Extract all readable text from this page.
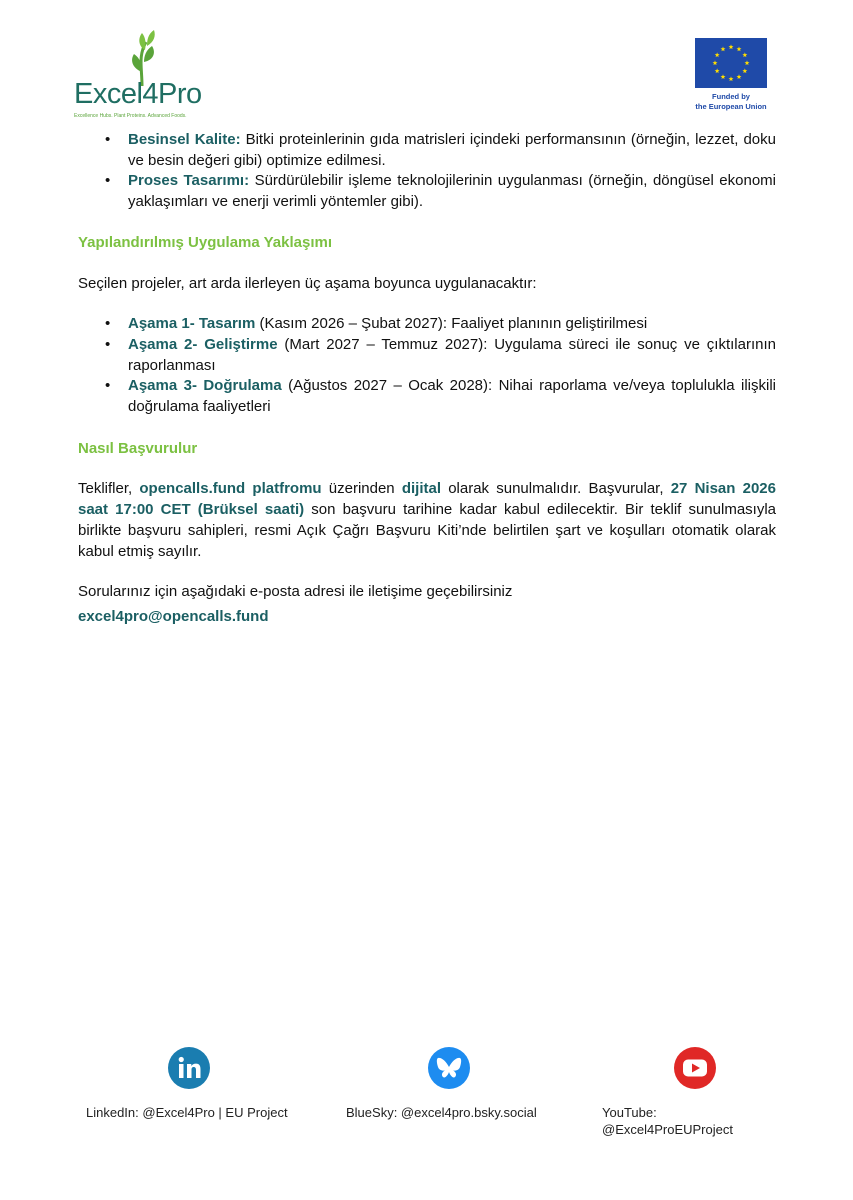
Excel4Pro
Excellence Hubs. Plant Proteins. Advanced Foods.
Funded by
the European Union
• Besinsel Kalite: Bitki proteinlerinin gıda matrisleri içindeki performansının (örneğin, lezzet, doku ve besin değeri gibi) optimize edilmesi.
• Proses Tasarımı: Sürdürülebilir işleme teknolojilerinin uygulanması (örneğin, döngüsel ekonomi yaklaşımları ve enerji verimli yöntemler gibi).
Yapılandırılmış Uygulama Yaklaşımı

Seçilen projeler, art arda ilerleyen üç aşama boyunca uygulanacaktır:

• Aşama 1- Tasarım (Kasım 2026 – Şubat 2027): Faaliyet planının geliştirilmesi
• Aşama 2- Geliştirme (Mart 2027 – Temmuz 2027): Uygulama süreci ile sonuç ve çıktılarının raporlanması
• Aşama 3- Doğrulama (Ağustos 2027 – Ocak 2028): Nihai raporlama ve/veya toplulukla ilişkili doğrulama faaliyetleri
Nasıl Başvurulur

Teklifler, opencalls.fund platfromu üzerinden dijital olarak sunulmalıdır. Başvurular, 27 Nisan 2026 saat 17:00 CET (Brüksel saati) son başvuru tarihine kadar kabul edilecektir. Bir teklif sunulmasıyla birlikte başvuru sahipleri, resmi Açık Çağrı Başvuru Kiti’nde belirtilen şart ve koşulları otomatik olarak kabul etmiş sayılır.

Sorularınız için aşağıdaki e-posta adresi ile iletişime geçebilirsiniz

excel4pro@opencalls.fund

LinkedIn: @Excel4Pro | EU Project	BlueSky: @excel4pro.bsky.social	YouTube:
@Excel4ProEUProject
